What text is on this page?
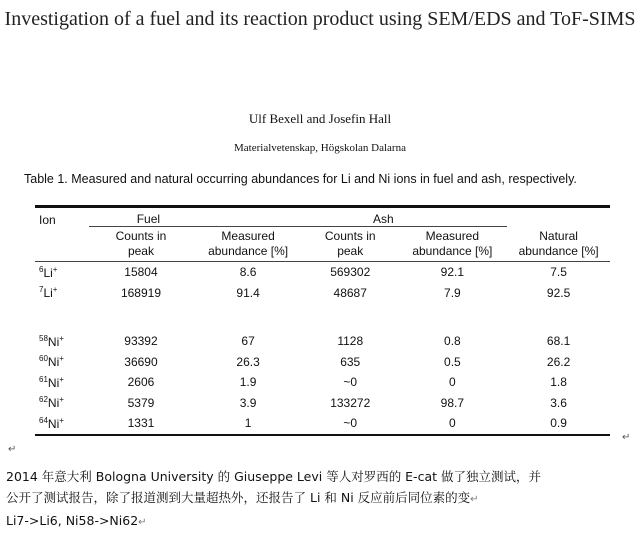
Investigation of a fuel and its reaction product using SEM/EDS and ToF-SIMS
Ulf Bexell and Josefin Hall
Materialvetenskap, Högskolan Dalarna
Table 1. Measured and natural occurring abundances for Li and Ni ions in fuel and ash, respectively.
Ion	Fuel		Ash		
	Counts in peak	Measured abundance [%]	Counts in peak	Measured abundance [%]	Natural abundance [%]
$^6$Li+	15804	8.6	569302	92.1	7.5
$^7$Li+	168919	91.4	48687	7.9	92.5

$^{58}$Ni+	93392	67	1128	0.8	68.1
$^{60}$Ni+	36690	26.3	635	0.5	26.2
$^{61}$Ni+	2606	1.9	~0	0	1.8
$^{62}$Ni+	5379	3.9	133272	98.7	3.6
$^{64}$Ni+	1331	1	~0	0	0.9
↵
↵
2014 年意大利 Bologna University 的 Giuseppe Levi 等人对罗西的 E-cat 做了独立测试，并
公开了测试报告，除了报道测到大量超热外，还报告了 Li 和 Ni 反应前后同位素的变↵
Li7->Li6, Ni58->Ni62↵
